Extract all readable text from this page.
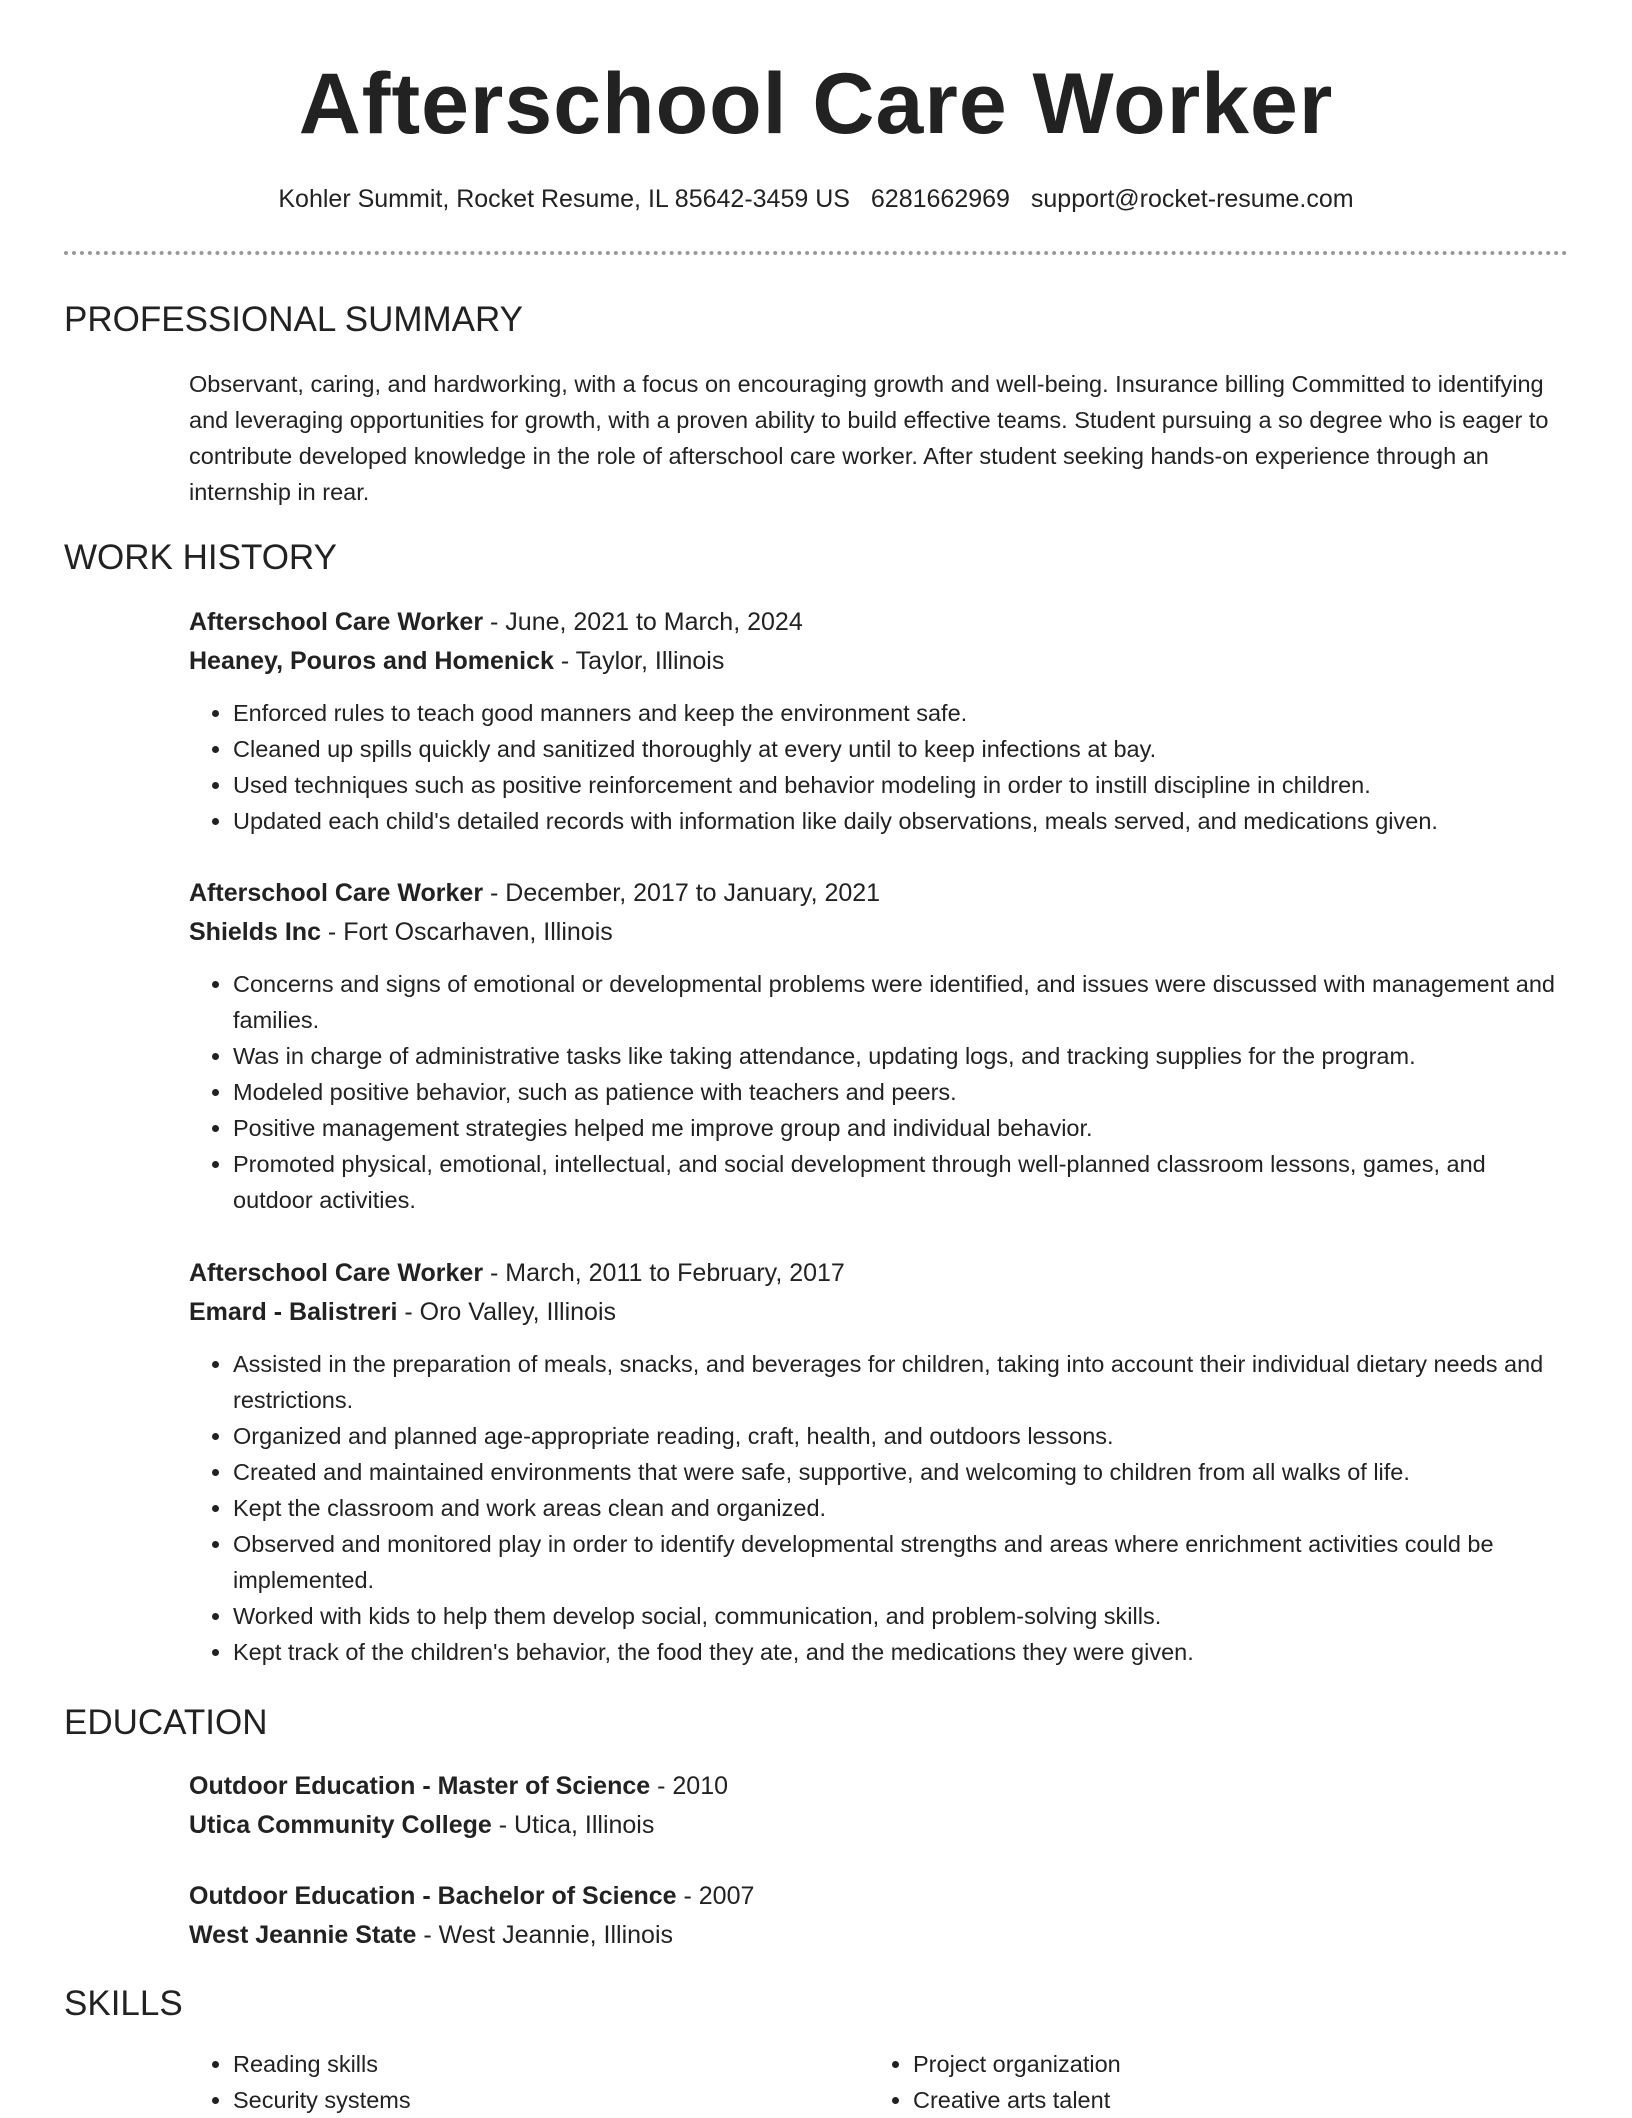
Afterschool Care Worker
Kohler Summit, Rocket Resume, IL 85642-3459 US 6281662969 support@rocket-resume.com
PROFESSIONAL SUMMARY

Observant, caring, and hardworking, with a focus on encouraging growth and well-being. Insurance billing Committed to identifying and leveraging opportunities for growth, with a proven ability to build effective teams. Student pursuing a so degree who is eager to contribute developed knowledge in the role of afterschool care worker. After student seeking hands-on experience through an internship in rear.

WORK HISTORY
Afterschool Care Worker - June, 2021 to March, 2024
Heaney, Pouros and Homenick - Taylor, Illinois
• Enforced rules to teach good manners and keep the environment safe.
• Cleaned up spills quickly and sanitized thoroughly at every until to keep infections at bay.
• Used techniques such as positive reinforcement and behavior modeling in order to instill discipline in children.
• Updated each child's detailed records with information like daily observations, meals served, and medications given.
Afterschool Care Worker - December, 2017 to January, 2021
Shields Inc - Fort Oscarhaven, Illinois
• Concerns and signs of emotional or developmental problems were identified, and issues were discussed with management and families.
• Was in charge of administrative tasks like taking attendance, updating logs, and tracking supplies for the program.
• Modeled positive behavior, such as patience with teachers and peers.
• Positive management strategies helped me improve group and individual behavior.
• Promoted physical, emotional, intellectual, and social development through well-planned classroom lessons, games, and outdoor activities.
Afterschool Care Worker - March, 2011 to February, 2017
Emard - Balistreri - Oro Valley, Illinois
• Assisted in the preparation of meals, snacks, and beverages for children, taking into account their individual dietary needs and restrictions.
• Organized and planned age-appropriate reading, craft, health, and outdoors lessons.
• Created and maintained environments that were safe, supportive, and welcoming to children from all walks of life.
• Kept the classroom and work areas clean and organized.
• Observed and monitored play in order to identify developmental strengths and areas where enrichment activities could be implemented.
• Worked with kids to help them develop social, communication, and problem-solving skills.
• Kept track of the children's behavior, the food they ate, and the medications they were given.
EDUCATION
Outdoor Education - Master of Science - 2010
Utica Community College - Utica, Illinois
Outdoor Education - Bachelor of Science - 2007
West Jeannie State - West Jeannie, Illinois
SKILLS
• Reading skills
• Security systems
• Project organization
• Creative arts talent
